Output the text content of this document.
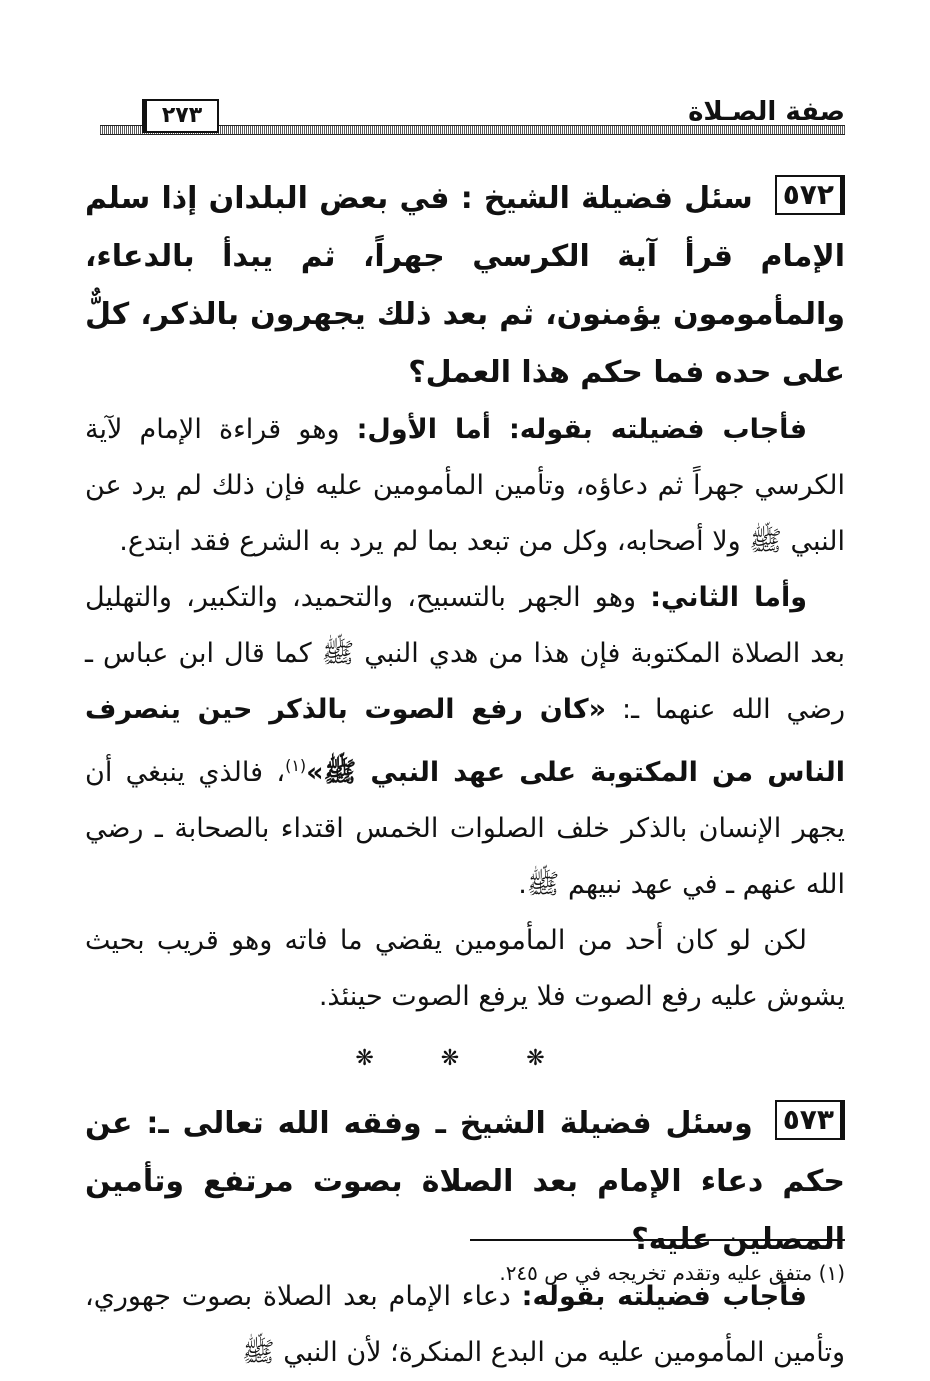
صفة الصـلاة
٢٧٣

٥٧٢سئل فضيلة الشيخ : في بعض البلدان إذا سلم الإمام قرأ آية الكرسي جهراً، ثم يبدأ بالدعاء، والمأمومون يؤمنون، ثم بعد ذلك يجهرون بالذكر، كلٌّ على حده فما حكم هذا العمل؟

فأجاب فضيلته بقوله: أما الأول: وهو قراءة الإمام لآية الكرسي جهراً ثم دعاؤه، وتأمين المأمومين عليه فإن ذلك لم يرد عن النبي ﷺ ولا أصحابه، وكل من تبعد بما لم يرد به الشرع فقد ابتدع.

وأما الثاني: وهو الجهر بالتسبيح، والتحميد، والتكبير، والتهليل بعد الصلاة المكتوبة فإن هذا من هدي النبي ﷺ كما قال ابن عباس ـ رضي الله عنهما ـ: «كان رفع الصوت بالذكر حين ينصرف الناس من المكتوبة على عهد النبي ﷺ»$^{(١)}$، فالذي ينبغي أن يجهر الإنسان بالذكر خلف الصلوات الخمس اقتداء بالصحابة ـ رضي الله عنهم ـ في عهد نبيهم ﷺ.

لكن لو كان أحد من المأمومين يقضي ما فاته وهو قريب بحيث يشوش عليه رفع الصوت فلا يرفع الصوت حينئذ.

❋ ❋ ❋

٥٧٣وسئل فضيلة الشيخ ـ وفقه الله تعالى ـ: عن حكم دعاء الإمام بعد الصلاة بصوت مرتفع وتأمين المصلين عليه؟

فأجاب فضيلته بقوله: دعاء الإمام بعد الصلاة بصوت جهوري، وتأمين المأمومين عليه من البدع المنكرة؛ لأن النبي ﷺ

(١) متفق عليه وتقدم تخريجه في ص ٢٤٥.
